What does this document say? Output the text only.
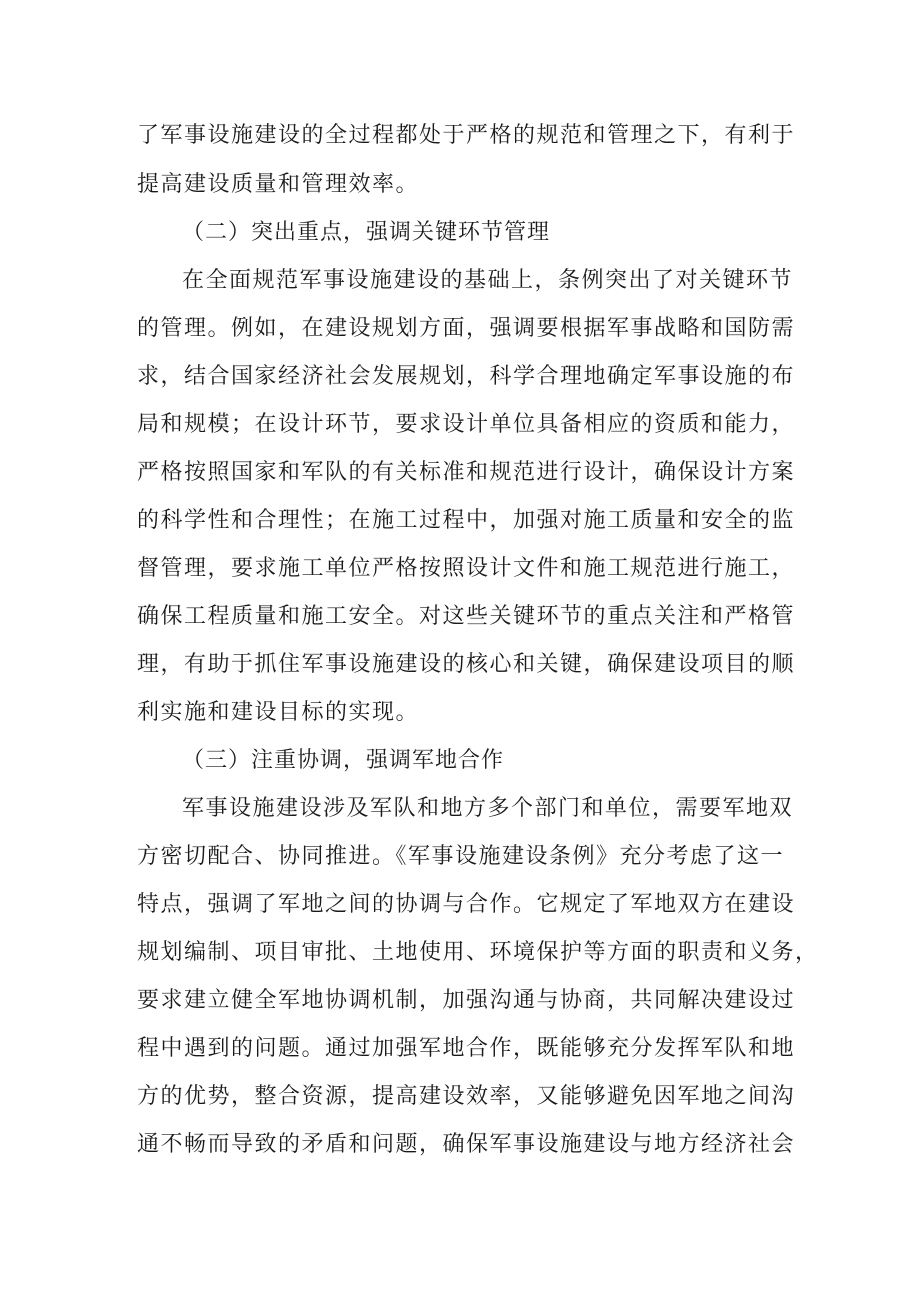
了军事设施建设的全过程都处于严格的规范和管理之下，有利于
提高建设质量和管理效率。
（二）突出重点，强调关键环节管理
在全面规范军事设施建设的基础上，条例突出了对关键环节
的管理。例如，在建设规划方面，强调要根据军事战略和国防需
求，结合国家经济社会发展规划，科学合理地确定军事设施的布
局和规模；在设计环节，要求设计单位具备相应的资质和能力，
严格按照国家和军队的有关标准和规范进行设计，确保设计方案
的科学性和合理性；在施工过程中，加强对施工质量和安全的监
督管理，要求施工单位严格按照设计文件和施工规范进行施工，
确保工程质量和施工安全。对这些关键环节的重点关注和严格管
理，有助于抓住军事设施建设的核心和关键，确保建设项目的顺
利实施和建设目标的实现。
（三）注重协调，强调军地合作
军事设施建设涉及军队和地方多个部门和单位，需要军地双
方密切配合、协同推进。《军事设施建设条例》充分考虑了这一
特点，强调了军地之间的协调与合作。它规定了军地双方在建设
规划编制、项目审批、土地使用、环境保护等方面的职责和义务，
要求建立健全军地协调机制，加强沟通与协商，共同解决建设过
程中遇到的问题。通过加强军地合作，既能够充分发挥军队和地
方的优势，整合资源，提高建设效率，又能够避免因军地之间沟
通不畅而导致的矛盾和问题，确保军事设施建设与地方经济社会
